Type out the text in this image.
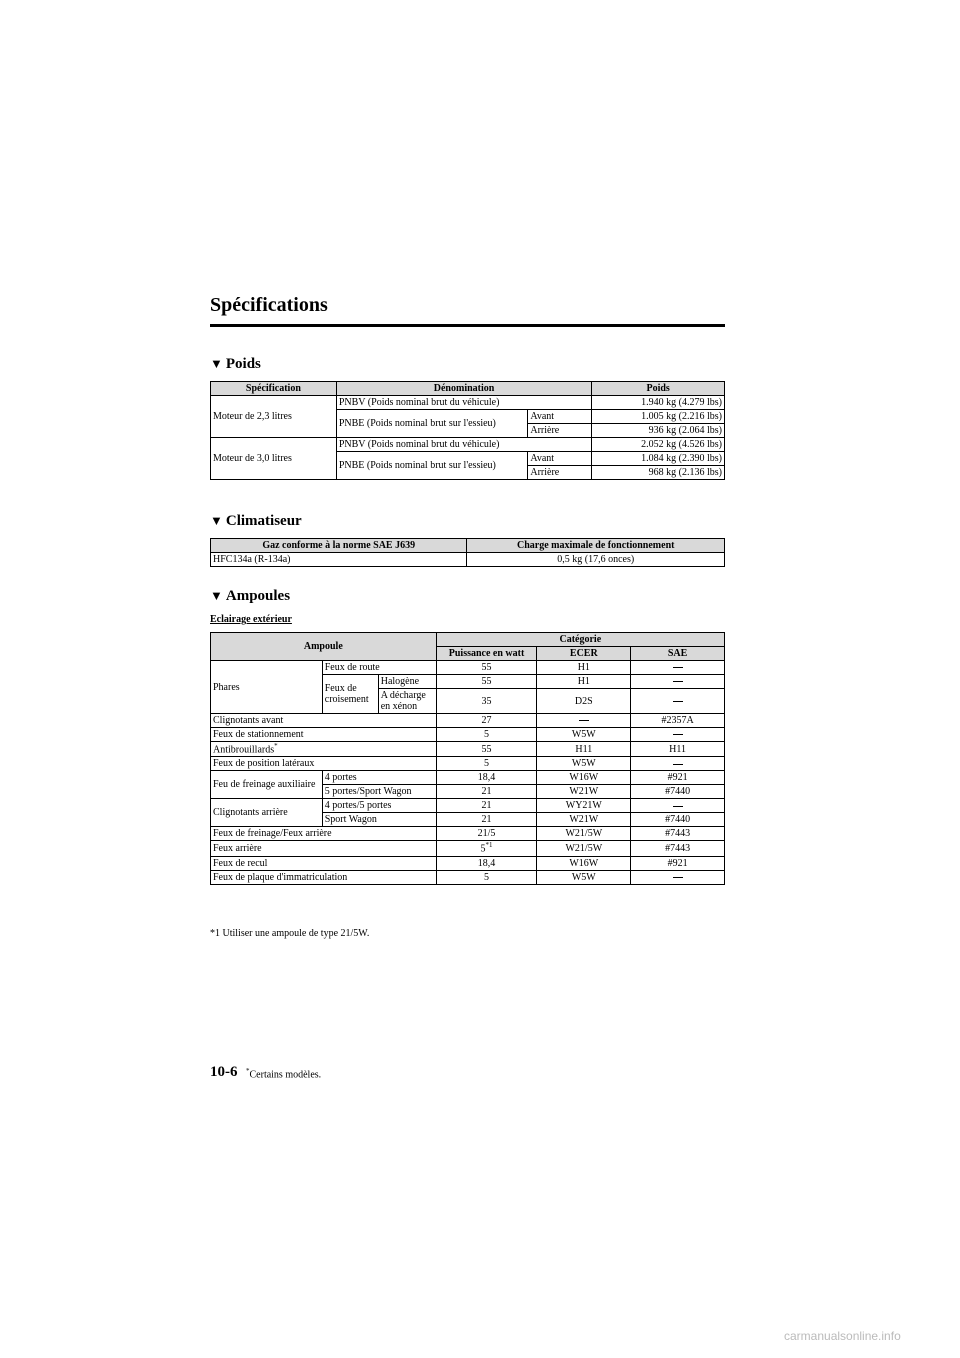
Spécifications
▼ Poids
Spécification	Dénomination		Poids
Moteur de 2,3 litres	PNBV (Poids nominal brut du véhicule)		1.940 kg (4.279 lbs)
	PNBE (Poids nominal brut sur l'essieu)	Avant	1.005 kg (2.216 lbs)
		Arrière	936 kg (2.064 lbs)
Moteur de 3,0 litres	PNBV (Poids nominal brut du véhicule)		2.052 kg (4.526 lbs)
	PNBE (Poids nominal brut sur l'essieu)	Avant	1.084 kg (2.390 lbs)
		Arrière	968 kg (2.136 lbs)
▼ Climatiseur
Gaz conforme à la norme SAE J639	Charge maximale de fonctionnement
HFC134a (R-134a)	0,5 kg (17,6 onces)
▼ Ampoules
Eclairage extérieur
Ampoule			Catégorie		
			Puissance en watt	ECER	SAE
Phares	Feux de route		55	H1	
	Feux de croisement	Halogène	55	H1	
		A décharge en xénon	35	D2S	
Clignotants avant			27		#2357A
Feux de stationnement			5	W5W	
Antibrouillards*			55	H11	H11
Feux de position latéraux			5	W5W	
Feu de freinage auxiliaire	4 portes		18,4	W16W	#921
	5 portes/Sport Wagon		21	W21W	#7440
Clignotants arrière	4 portes/5 portes		21	WY21W	
	Sport Wagon		21	W21W	#7440
Feux de freinage/Feux arrière			21/5	W21/5W	#7443
Feux arrière			5$^{*1}$	W21/5W	#7443
Feux de recul			18,4	W16W	#921
Feux de plaque d'immatriculation			5	W5W	
*1 Utiliser une ampoule de type 21/5W.
10-6 *Certains modèles.
carmanualsonline.info
